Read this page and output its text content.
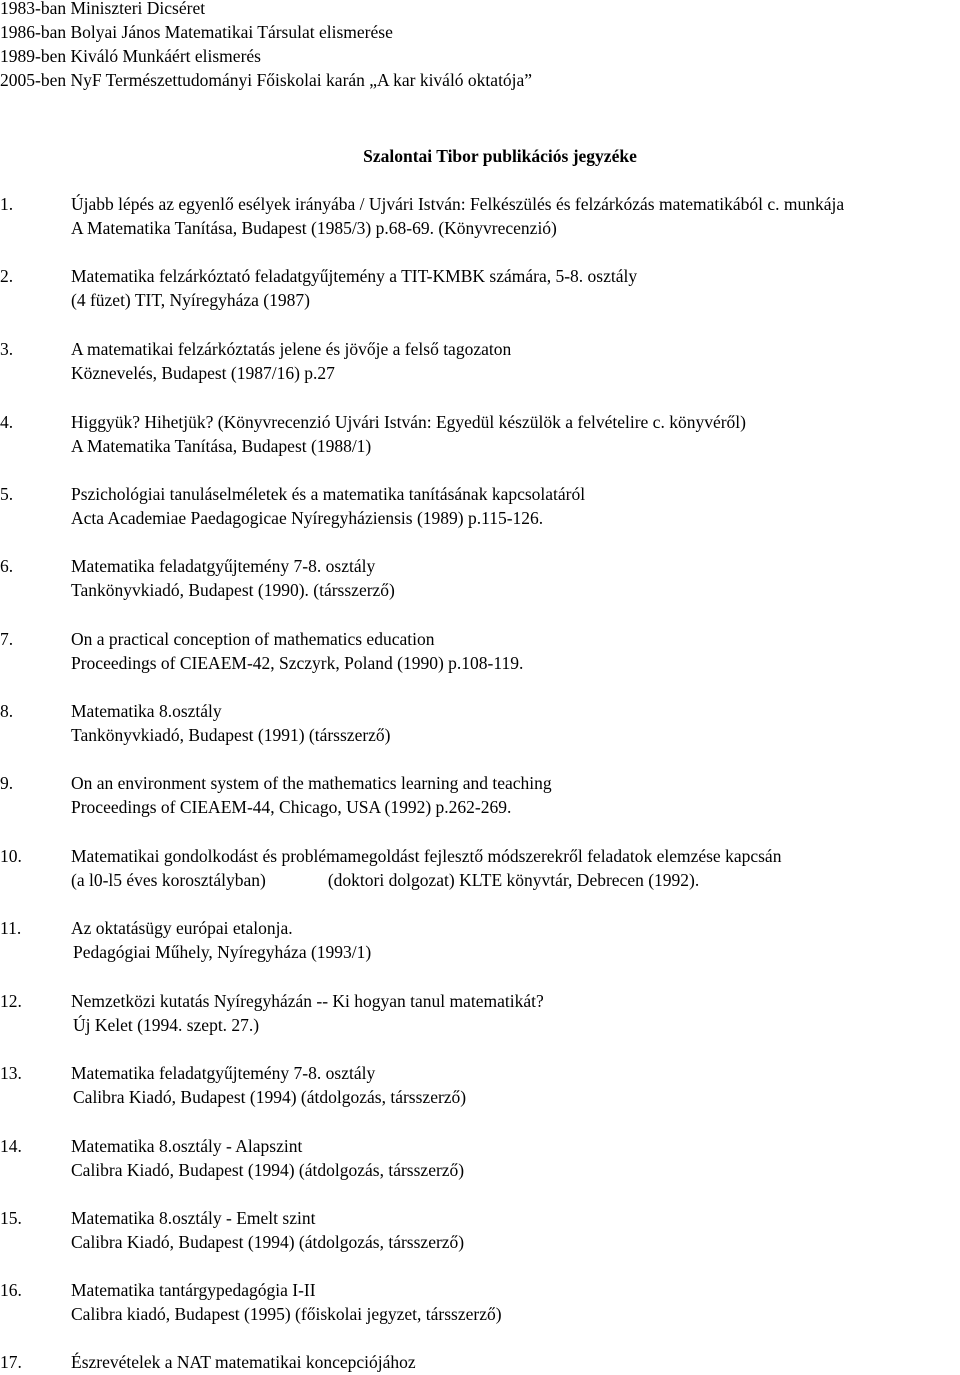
1983-ban Miniszteri Dicséret
1986-ban Bolyai János Matematikai Társulat elismerése
1989-ben Kiváló Munkáért elismerés
2005-ben NyF Természettudományi Főiskolai karán „A kar kiváló oktatója”
Szalontai Tibor publikációs jegyzéke
1.	Újabb lépés az egyenlő esélyek irányába / Ujvári István: Felkészülés és felzárkózás matematikából c. munkája
A Matematika Tanítása, Budapest (1985/3) p.68-69. (Könyvrecenzió)
2.	Matematika felzárkóztató feladatgyűjtemény a TIT-KMBK számára, 5-8. osztály
(4 füzet) TIT, Nyíregyháza (1987)
3.	A matematikai felzárkóztatás jelene és jövője a felső tagozaton
Köznevelés, Budapest (1987/16) p.27
4.	Higgyük? Hihetjük? (Könyvrecenzió Ujvári István: Egyedül készülök a felvételire c. könyvéről)
A Matematika Tanítása, Budapest (1988/1)
5.	Pszichológiai tanuláselméletek és a matematika tanításának kapcsolatáról
Acta Academiae Paedagogicae Nyíregyháziensis (1989) p.115-126.
6.	Matematika feladatgyűjtemény 7-8. osztály
Tankönyvkiadó, Budapest (1990). (társszerző)
7.	On a practical conception of mathematics education
Proceedings of CIEAEM-42, Szczyrk, Poland (1990) p.108-119.
8.	Matematika 8.osztály
Tankönyvkiadó, Budapest (1991) (társszerző)
9.	On an environment system of the mathematics learning and teaching
Proceedings of CIEAEM-44, Chicago, USA (1992) p.262-269.
10.	Matematikai gondolkodást és problémamegoldást fejlesztő módszerekről feladatok elemzése kapcsán
(a l0-l5 éves korosztályban)	(doktori dolgozat) KLTE könyvtár, Debrecen (1992).
11.	Az oktatásügy európai etalonja.
Pedagógiai Műhely, Nyíregyháza (1993/1)
12.	Nemzetközi kutatás Nyíregyházán -- Ki hogyan tanul matematikát?
Új Kelet (1994. szept. 27.)
13.	Matematika feladatgyűjtemény 7-8. osztály
Calibra Kiadó, Budapest (1994) (átdolgozás, társszerző)
14.	Matematika 8.osztály - Alapszint
Calibra Kiadó, Budapest (1994) (átdolgozás, társszerző)
15.	Matematika 8.osztály - Emelt szint
Calibra Kiadó, Budapest (1994) (átdolgozás, társszerző)
16.	Matematika tantárgypedagógia I-II
Calibra kiadó, Budapest (1995) (főiskolai jegyzet, társszerző)
17.	Észrevételek a NAT matematikai koncepciójához
